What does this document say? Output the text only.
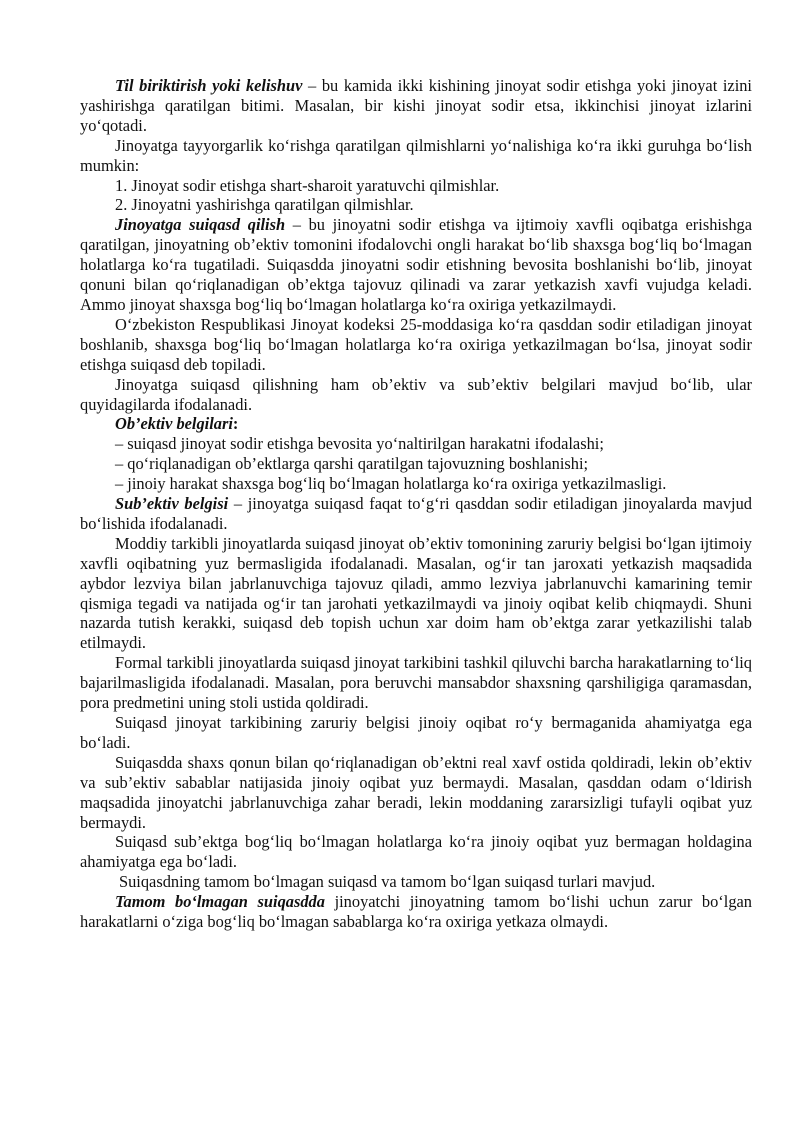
Til biriktirish yoki kelishuv – bu kamida ikki kishining jinoyat sodir etishga yoki jinoyat izini yashirishga qaratilgan bitimi. Masalan, bir kishi jinoyat sodir etsa, ikkinchisi jinoyat izlarini yo‘qotadi.

Jinoyatga tayyorgarlik ko‘rishga qaratilgan qilmishlarni yo‘nalishiga ko‘ra ikki guruhga bo‘lish mumkin:

1. Jinoyat sodir etishga shart-sharoit yaratuvchi qilmishlar.

2. Jinoyatni yashirishga qaratilgan qilmishlar.

Jinoyatga suiqasd qilish – bu jinoyatni sodir etishga va ijtimoiy xavfli oqibatga erishishga qaratilgan, jinoyatning ob’ektiv tomonini ifodalovchi ongli harakat bo‘lib shaxsga bog‘liq bo‘lmagan holatlarga ko‘ra tugatiladi. Suiqasdda jinoyatni sodir etishning bevosita boshlanishi bo‘lib, jinoyat qonuni bilan qo‘riqlanadigan ob’ektga tajovuz qilinadi va zarar yetkazish xavfi vujudga keladi. Ammo jinoyat shaxsga bog‘liq bo‘lmagan holatlarga ko‘ra oxiriga yetkazilmaydi.

O‘zbekiston Respublikasi Jinoyat kodeksi 25-moddasiga ko‘ra qasddan sodir etiladigan jinoyat boshlanib, shaxsga bog‘liq bo‘lmagan holatlarga ko‘ra oxiriga yetkazilmagan bo‘lsa, jinoyat sodir etishga suiqasd deb topiladi.

Jinoyatga suiqasd qilishning ham ob’ektiv va sub’ektiv belgilari mavjud bo‘lib, ular quyidagilarda ifodalanadi.

Ob’ektiv belgilari:

– suiqasd jinoyat sodir etishga bevosita yo‘naltirilgan harakatni ifodalashi;

– qo‘riqlanadigan ob’ektlarga qarshi qaratilgan tajovuzning boshlanishi;

– jinoiy harakat shaxsga bog‘liq bo‘lmagan holatlarga ko‘ra oxiriga yetkazilmasligi.

Sub’ektiv belgisi – jinoyatga suiqasd faqat to‘g‘ri qasddan sodir etiladigan jinoyalarda mavjud bo‘lishida ifodalanadi.

Moddiy tarkibli jinoyatlarda suiqasd jinoyat ob’ektiv tomonining zaruriy belgisi bo‘lgan ijtimoiy xavfli oqibatning yuz bermasligida ifodalanadi. Masalan, og‘ir tan jaroxati yetkazish maqsadida aybdor lezviya bilan jabrlanuvchiga tajovuz qiladi, ammo lezviya jabrlanuvchi kamarining temir qismiga tegadi va natijada og‘ir tan jarohati yetkazilmaydi va jinoiy oqibat kelib chiqmaydi. Shuni nazarda tutish kerakki, suiqasd deb topish uchun xar doim ham ob’ektga zarar yetkazilishi talab etilmaydi.

Formal tarkibli jinoyatlarda suiqasd jinoyat tarkibini tashkil qiluvchi barcha harakatlarning to‘liq bajarilmasligida ifodalanadi. Masalan, pora beruvchi mansabdor shaxsning qarshiligiga qaramasdan, pora predmetini uning stoli ustida qoldiradi.

Suiqasd jinoyat tarkibining zaruriy belgisi jinoiy oqibat ro‘y bermaganida ahamiyatga ega bo‘ladi.

Suiqasdda shaxs qonun bilan qo‘riqlanadigan ob’ektni real xavf ostida qoldiradi, lekin ob’ektiv va sub’ektiv sabablar natijasida jinoiy oqibat yuz bermaydi. Masalan, qasddan odam o‘ldirish maqsadida jinoyatchi jabrlanuvchiga zahar beradi, lekin moddaning zararsizligi tufayli oqibat yuz bermaydi.

Suiqasd sub’ektga bog‘liq bo‘lmagan holatlarga ko‘ra jinoiy oqibat yuz bermagan holdagina ahamiyatga ega bo‘ladi.

Suiqasdning tamom bo‘lmagan suiqasd va tamom bo‘lgan suiqasd turlari mavjud.

Tamom bo‘lmagan suiqasdda jinoyatchi jinoyatning tamom bo‘lishi uchun zarur bo‘lgan harakatlarni o‘ziga bog‘liq bo‘lmagan sabablarga ko‘ra oxiriga yetkaza olmaydi.
